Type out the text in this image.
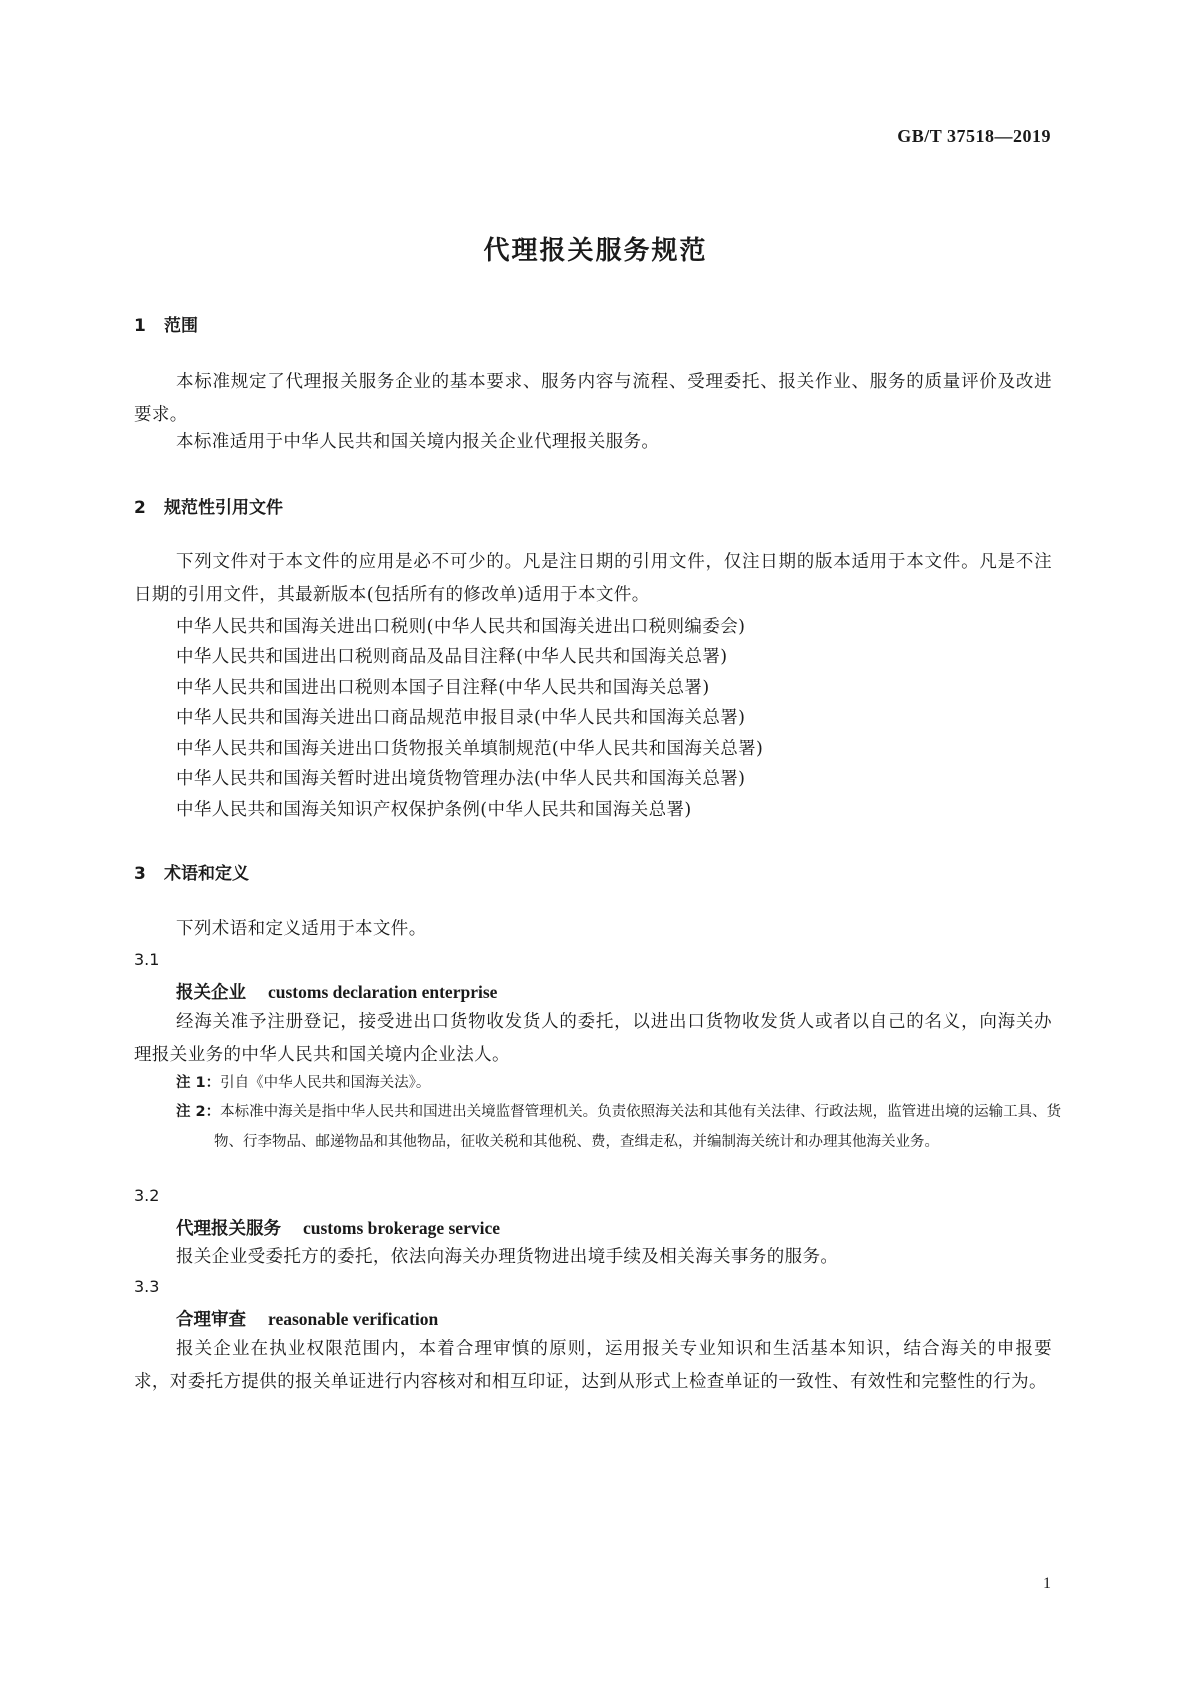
GB/T 37518—2019
代理报关服务规范
1 范围
本标准规定了代理报关服务企业的基本要求、服务内容与流程、受理委托、报关作业、服务的质量评价及改进要求。
本标准适用于中华人民共和国关境内报关企业代理报关服务。
2 规范性引用文件
下列文件对于本文件的应用是必不可少的。凡是注日期的引用文件，仅注日期的版本适用于本文件。凡是不注日期的引用文件，其最新版本(包括所有的修改单)适用于本文件。
中华人民共和国海关进出口税则(中华人民共和国海关进出口税则编委会)
中华人民共和国进出口税则商品及品目注释(中华人民共和国海关总署)
中华人民共和国进出口税则本国子目注释(中华人民共和国海关总署)
中华人民共和国海关进出口商品规范申报目录(中华人民共和国海关总署)
中华人民共和国海关进出口货物报关单填制规范(中华人民共和国海关总署)
中华人民共和国海关暂时进出境货物管理办法(中华人民共和国海关总署)
中华人民共和国海关知识产权保护条例(中华人民共和国海关总署)
3 术语和定义
下列术语和定义适用于本文件。
3.1
报关企业 customs declaration enterprise
经海关准予注册登记，接受进出口货物收发货人的委托，以进出口货物收发货人或者以自己的名义，向海关办理报关业务的中华人民共和国关境内企业法人。
注 1：引自《中华人民共和国海关法》。
注 2：本标准中海关是指中华人民共和国进出关境监督管理机关。负责依照海关法和其他有关法律、行政法规，监管进出境的运输工具、货物、行李物品、邮递物品和其他物品，征收关税和其他税、费，查缉走私，并编制海关统计和办理其他海关业务。
3.2
代理报关服务 customs brokerage service
报关企业受委托方的委托，依法向海关办理货物进出境手续及相关海关事务的服务。
3.3
合理审查 reasonable verification
报关企业在执业权限范围内，本着合理审慎的原则，运用报关专业知识和生活基本知识，结合海关的申报要求，对委托方提供的报关单证进行内容核对和相互印证，达到从形式上检查单证的一致性、有效性和完整性的行为。
1
